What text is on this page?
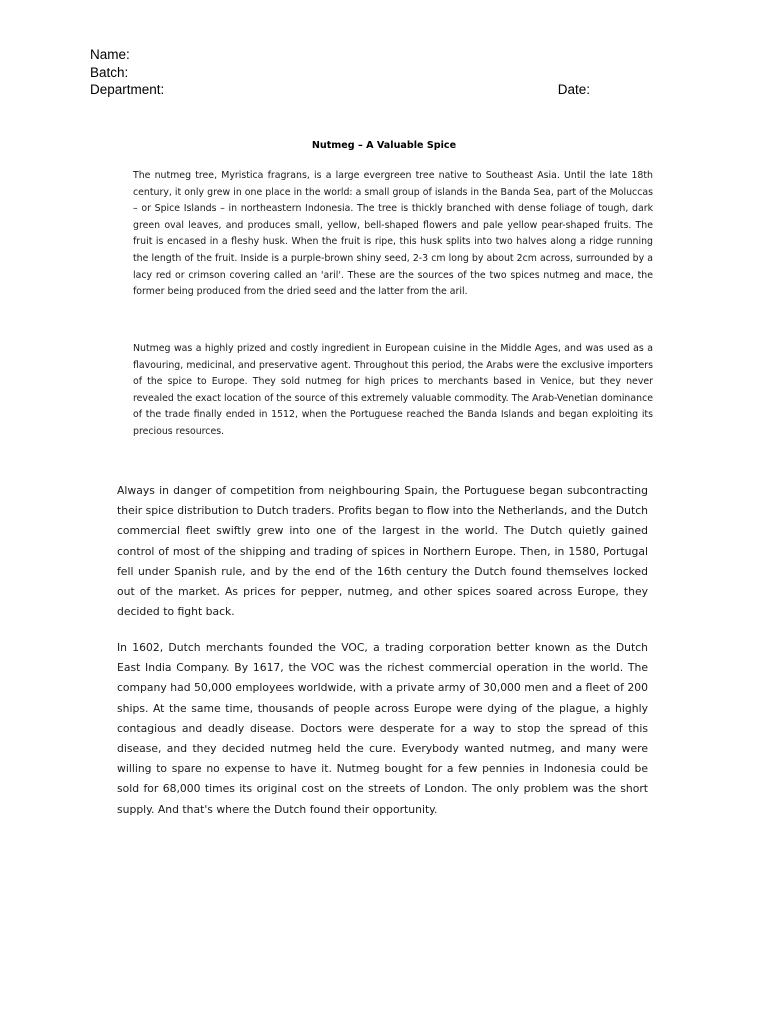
Name:
Batch:
Department:	Date:
Nutmeg – A Valuable Spice

The nutmeg tree, Myristica fragrans, is a large evergreen tree native to Southeast Asia. Until the late 18th century, it only grew in one place in the world: a small group of islands in the Banda Sea, part of the Moluccas – or Spice Islands – in northeastern Indonesia. The tree is thickly branched with dense foliage of tough, dark green oval leaves, and produces small, yellow, bell-shaped flowers and pale yellow pear-shaped fruits. The fruit is encased in a fleshy husk. When the fruit is ripe, this husk splits into two halves along a ridge running the length of the fruit. Inside is a purple-brown shiny seed, 2-3 cm long by about 2cm across, surrounded by a lacy red or crimson covering called an 'aril'. These are the sources of the two spices nutmeg and mace, the former being produced from the dried seed and the latter from the aril.

Nutmeg was a highly prized and costly ingredient in European cuisine in the Middle Ages, and was used as a flavouring, medicinal, and preservative agent. Throughout this period, the Arabs were the exclusive importers of the spice to Europe. They sold nutmeg for high prices to merchants based in Venice, but they never revealed the exact location of the source of this extremely valuable commodity. The Arab-Venetian dominance of the trade finally ended in 1512, when the Portuguese reached the Banda Islands and began exploiting its precious resources.

Always in danger of competition from neighbouring Spain, the Portuguese began subcontracting their spice distribution to Dutch traders. Profits began to flow into the Netherlands, and the Dutch commercial fleet swiftly grew into one of the largest in the world. The Dutch quietly gained control of most of the shipping and trading of spices in Northern Europe. Then, in 1580, Portugal fell under Spanish rule, and by the end of the 16th century the Dutch found themselves locked out of the market. As prices for pepper, nutmeg, and other spices soared across Europe, they decided to fight back.

In 1602, Dutch merchants founded the VOC, a trading corporation better known as the Dutch East India Company. By 1617, the VOC was the richest commercial operation in the world. The company had 50,000 employees worldwide, with a private army of 30,000 men and a fleet of 200 ships. At the same time, thousands of people across Europe were dying of the plague, a highly contagious and deadly disease. Doctors were desperate for a way to stop the spread of this disease, and they decided nutmeg held the cure. Everybody wanted nutmeg, and many were willing to spare no expense to have it. Nutmeg bought for a few pennies in Indonesia could be sold for 68,000 times its original cost on the streets of London. The only problem was the short supply. And that's where the Dutch found their opportunity.
